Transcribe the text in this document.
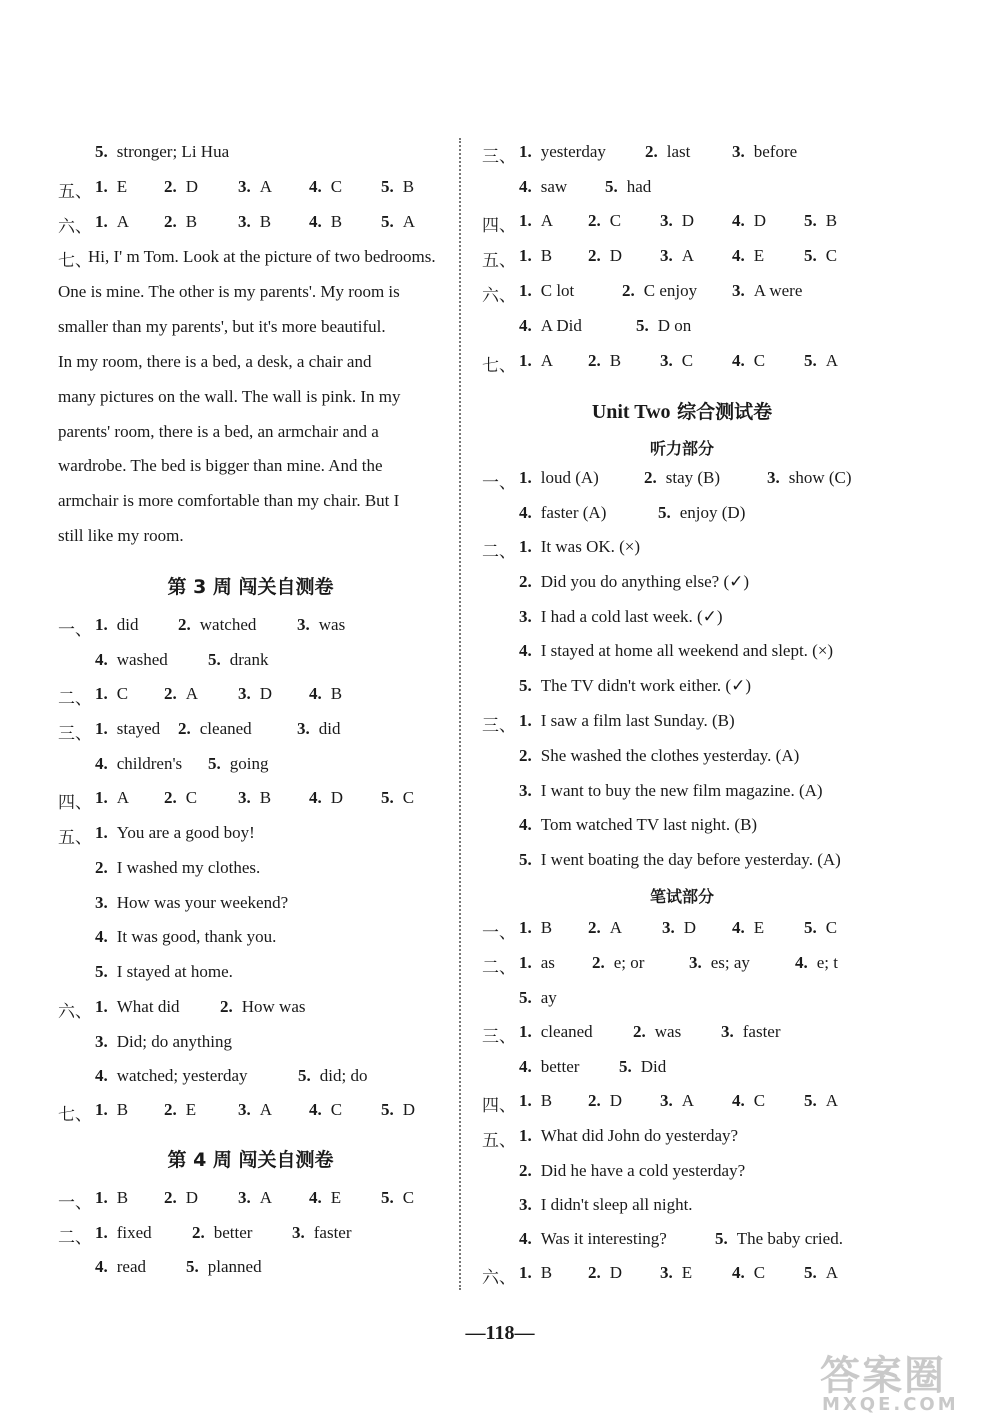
5. stronger; Li Hua
五、 1. E 2. D 3. A 4. C 5. B
六、 1. A 2. B 3. B 4. B 5. A
七、
Hi, I' m Tom. Look at the picture of two bedrooms.
One is mine. The other is my parents'. My room is
smaller than my parents', but it's more beautiful.
In my room, there is a bed, a desk, a chair and
many pictures on the wall. The wall is pink. In my
parents' room, there is a bed, an armchair and a
wardrobe. The bed is bigger than mine. And the
armchair is more comfortable than my chair. But I
still like my room.
第 3 周 闯关自测卷
一、 1. did 2. watched 3. was
4. washed 5. drank
二、 1. C 2. A 3. D 4. B
三、 1. stayed 2. cleaned	3. did
4. children's 5. going
四、 1. A 2. C 3. B 4. D 5. C
五、 1. You are a good boy!
2. I washed my clothes.
3. How was your weekend?
4. It was good, thank you.
5. I stayed at home.
六、 1. What did 2. How was
3. Did; do anything
4. watched; yesterday	5. did; do
七、 1. B 2. E 3. A 4. C 5. D
第 4 周 闯关自测卷
一、 1. B 2. D 3. A 4. E 5. C
二、 1. fixed 2. better 3. faster
4. read 5. planned
三、 1. yesterday 2. last 3. before
4. saw 5. had
四、 1. A 2. C 3. D 4. D 5. B
五、 1. B 2. D 3. A 4. E 5. C
六、 1. C lot	2. C enjoy 3. A were
4. A Did	5. D on
七、 1. A 2. B 3. C 4. C 5. A
Unit Two 综合测试卷
听力部分
一、 1. loud (A)	2. stay (B)	3. show (C)
4. faster (A)	5. enjoy (D)
二、 1. It was OK. (×)
2. Did you do anything else? (✓)
3. I had a cold last week. (✓)
4. I stayed at home all weekend and slept. (×)
5. The TV didn't work either. (✓)
三、 1. I saw a film last Sunday. (B)
2. She washed the clothes yesterday. (A)
3. I want to buy the new film magazine. (A)
4. Tom watched TV last night. (B)
5. I went boating the day before yesterday. (A)
笔试部分
一、 1. B 2. A 3. D 4. E 5. C
二、 1. as 2. e; or	3. es; ay	4. e; t
5. ay
三、 1. cleaned 2. was 3. faster
4. better 5. Did
四、 1. B 2. D 3. A 4. C 5. A
五、 1. What did John do yesterday?
2. Did he have a cold yesterday?
3. I didn't sleep all night.
4. Was it interesting?	5. The baby cried.
六、 1. B 2. D 3. E 4. C 5. A
—118—
答案圈
MXQE.COM
